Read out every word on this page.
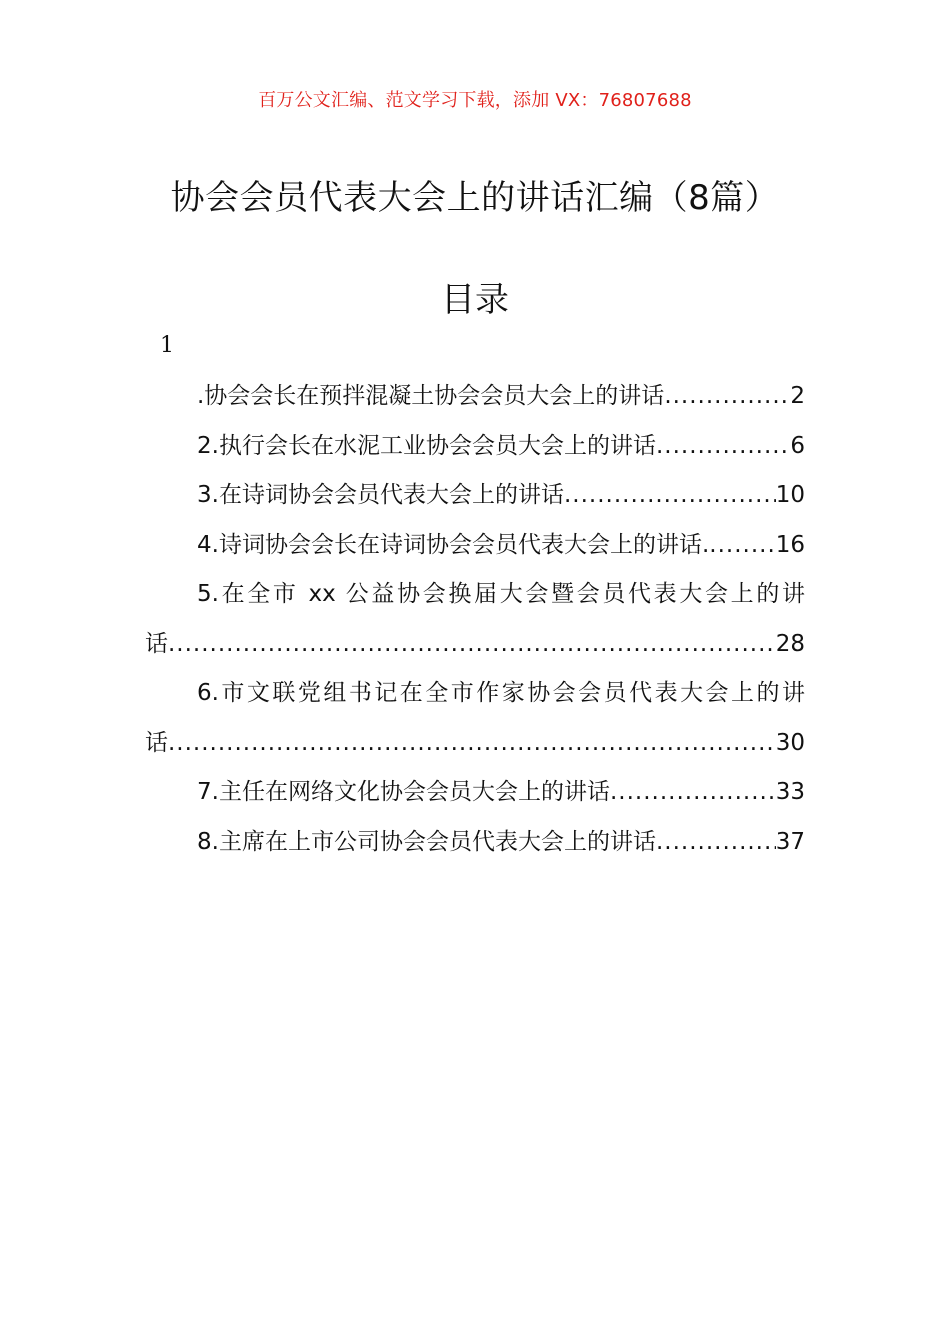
百万公文汇编、范文学习下载，添加 VX：76807688
协会会员代表大会上的讲话汇编（8篇）
目录
1
.协会会长在预拌混凝土协会会员大会上的讲话 .....	2
2.执行会长在水泥工业协会会员大会上的讲话 .....	6
3.在诗词协会会员代表大会上的讲话 .....	10
4.诗词协会会长在诗词协会会员代表大会上的讲话. .....	16
5.在全市 xx 公益协会换届大会暨会员代表大会上的讲
话 .....	28
6.市文联党组书记在全市作家协会会员代表大会上的讲
话 .....	30
7.主任在网络文化协会会员大会上的讲话 .....	33
8.主席在上市公司协会会员代表大会上的讲话 .....	37
